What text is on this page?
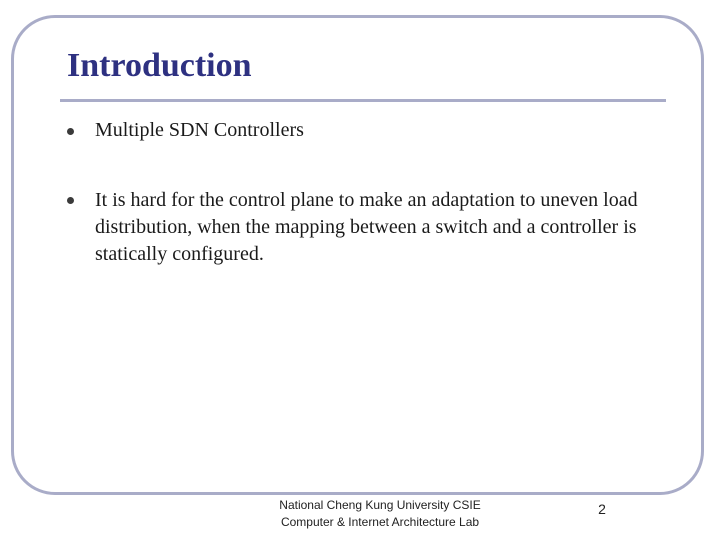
Introduction
Multiple SDN Controllers
It is hard for the control plane to make an adaptation to uneven load distribution, when the mapping between a switch and a controller is statically configured.
National Cheng Kung University CSIE
Computer & Internet Architecture Lab
2
